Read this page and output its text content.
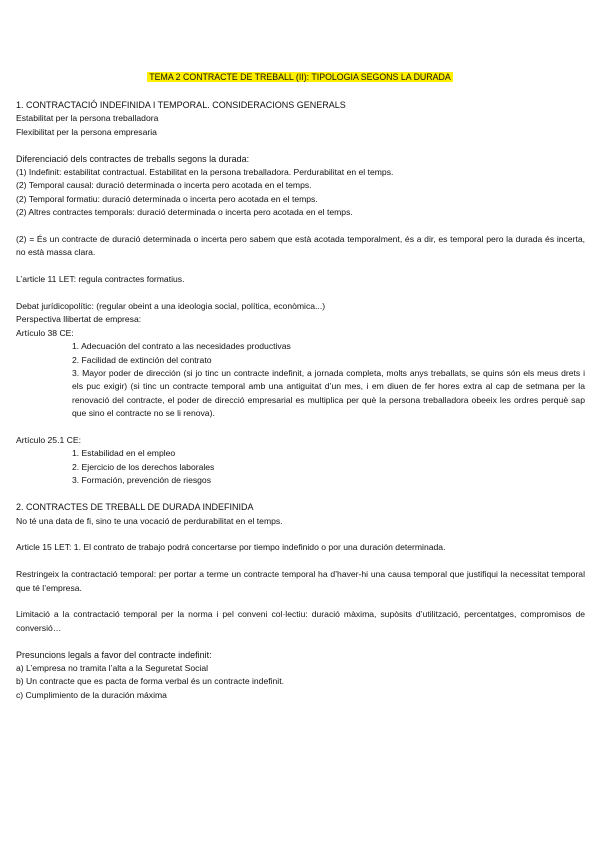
TEMA 2 CONTRACTE DE TREBALL (II): TIPOLOGIA SEGONS LA DURADA
1. CONTRACTACIÓ INDEFINIDA I TEMPORAL. CONSIDERACIONS GENERALS
Estabilitat per la persona treballadora
Flexibilitat per la persona empresaria
Diferenciació dels contractes de treballs segons la durada:
(1) Indefinit: estabilitat contractual. Estabilitat en la persona treballadora. Perdurabilitat en el temps.
(2) Temporal causal: duració determinada o incerta pero acotada en el temps.
(2) Temporal formatiu: duració determinada o incerta pero acotada en el temps.
(2) Altres contractes temporals: duració determinada o incerta pero acotada en el temps.
(2) = És un contracte de duració determinada o incerta pero sabem que està acotada temporalment, és a dir, es temporal pero la durada és incerta, no està massa clara.
L’article 11 LET: regula contractes formatius.
Debat jurídicopolític: (regular obeint a una ideologia social, política, econòmica...)
Perspectiva llibertat de empresa:
Artículo 38 CE:
1. Adecuación del contrato a las necesidades productivas
2. Facilidad de extinción del contrato
3. Mayor poder de dirección (si jo tinc un contracte indefinit, a jornada completa, molts anys treballats, se quins són els meus drets i els puc exigir) (si tinc un contracte temporal amb una antiguitat d’un mes, i em diuen de fer hores extra al cap de setmana per la renovació del contracte, el poder de direcció empresarial es multiplica per què la persona treballadora obeeix les ordres perquè sap que sino el contracte no se li renova).
Artículo 25.1 CE:
1. Estabilidad en el empleo
2. Ejercicio de los derechos laborales
3. Formación, prevención de riesgos
2. CONTRACTES DE TREBALL DE DURADA INDEFINIDA
No té una data de fi, sino te una vocació de perdurabilitat en el temps.
Article 15 LET: 1. El contrato de trabajo podrá concertarse por tiempo indefinido o por una duración determinada.
Restringeix la contractació temporal: per portar a terme un contracte temporal ha d’haver-hi una causa temporal que justifiqui la necessitat temporal que té l’empresa.
Limitació a la contractació temporal per la norma i pel conveni col·lectiu: duració màxima, supòsits d’utilització, percentatges, compromisos de conversió…
Presuncions legals a favor del contracte indefinit:
a) L’empresa no tramita l’alta a la Seguretat Social
b) Un contracte que es pacta de forma verbal és un contracte indefinit.
c) Cumplimiento de la duración máxima
